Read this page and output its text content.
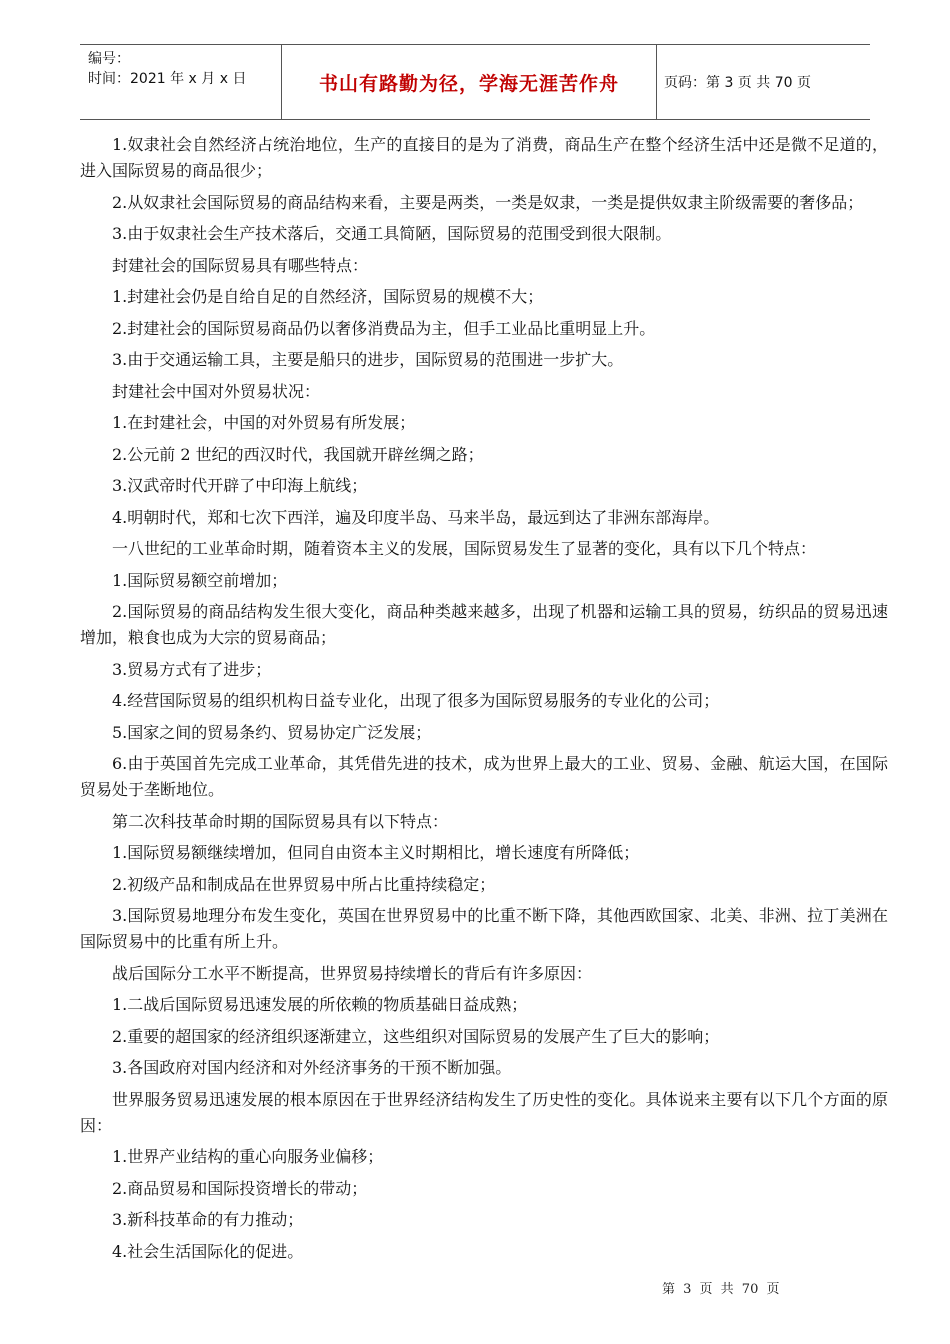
编号：
时间：2021 年 x 月 x 日	书山有路勤为径，学海无涯苦作舟	页码：第 3 页 共 70 页

1.奴隶社会自然经济占统治地位，生产的直接目的是为了消费，商品生产在整个经济生活中还是微不足道的，进入国际贸易的商品很少；

2.从奴隶社会国际贸易的商品结构来看，主要是两类，一类是奴隶，一类是提供奴隶主阶级需要的奢侈品；

3.由于奴隶社会生产技术落后，交通工具简陋，国际贸易的范围受到很大限制。

封建社会的国际贸易具有哪些特点：

1.封建社会仍是自给自足的自然经济，国际贸易的规模不大；

2.封建社会的国际贸易商品仍以奢侈消费品为主，但手工业品比重明显上升。

3.由于交通运输工具，主要是船只的进步，国际贸易的范围进一步扩大。

封建社会中国对外贸易状况：

1.在封建社会，中国的对外贸易有所发展；

2.公元前 2 世纪的西汉时代，我国就开辟丝绸之路；

3.汉武帝时代开辟了中印海上航线；

4.明朝时代，郑和七次下西洋，遍及印度半岛、马来半岛，最远到达了非洲东部海岸。

一八世纪的工业革命时期，随着资本主义的发展，国际贸易发生了显著的变化，具有以下几个特点：

1.国际贸易额空前增加；

2.国际贸易的商品结构发生很大变化，商品种类越来越多，出现了机器和运输工具的贸易，纺织品的贸易迅速增加，粮食也成为大宗的贸易商品；

3.贸易方式有了进步；

4.经营国际贸易的组织机构日益专业化，出现了很多为国际贸易服务的专业化的公司；

5.国家之间的贸易条约、贸易协定广泛发展；

6.由于英国首先完成工业革命，其凭借先进的技术，成为世界上最大的工业、贸易、金融、航运大国，在国际贸易处于垄断地位。

第二次科技革命时期的国际贸易具有以下特点：

1.国际贸易额继续增加，但同自由资本主义时期相比，增长速度有所降低；

2.初级产品和制成品在世界贸易中所占比重持续稳定；

3.国际贸易地理分布发生变化，英国在世界贸易中的比重不断下降，其他西欧国家、北美、非洲、拉丁美洲在国际贸易中的比重有所上升。

战后国际分工水平不断提高，世界贸易持续增长的背后有许多原因：

1.二战后国际贸易迅速发展的所依赖的物质基础日益成熟；

2.重要的超国家的经济组织逐渐建立，这些组织对国际贸易的发展产生了巨大的影响；

3.各国政府对国内经济和对外经济事务的干预不断加强。

世界服务贸易迅速发展的根本原因在于世界经济结构发生了历史性的变化。具体说来主要有以下几个方面的原因：

1.世界产业结构的重心向服务业偏移；

2.商品贸易和国际投资增长的带动；

3.新科技革命的有力推动；

4.社会生活国际化的促进。

第 3 页 共 70 页
